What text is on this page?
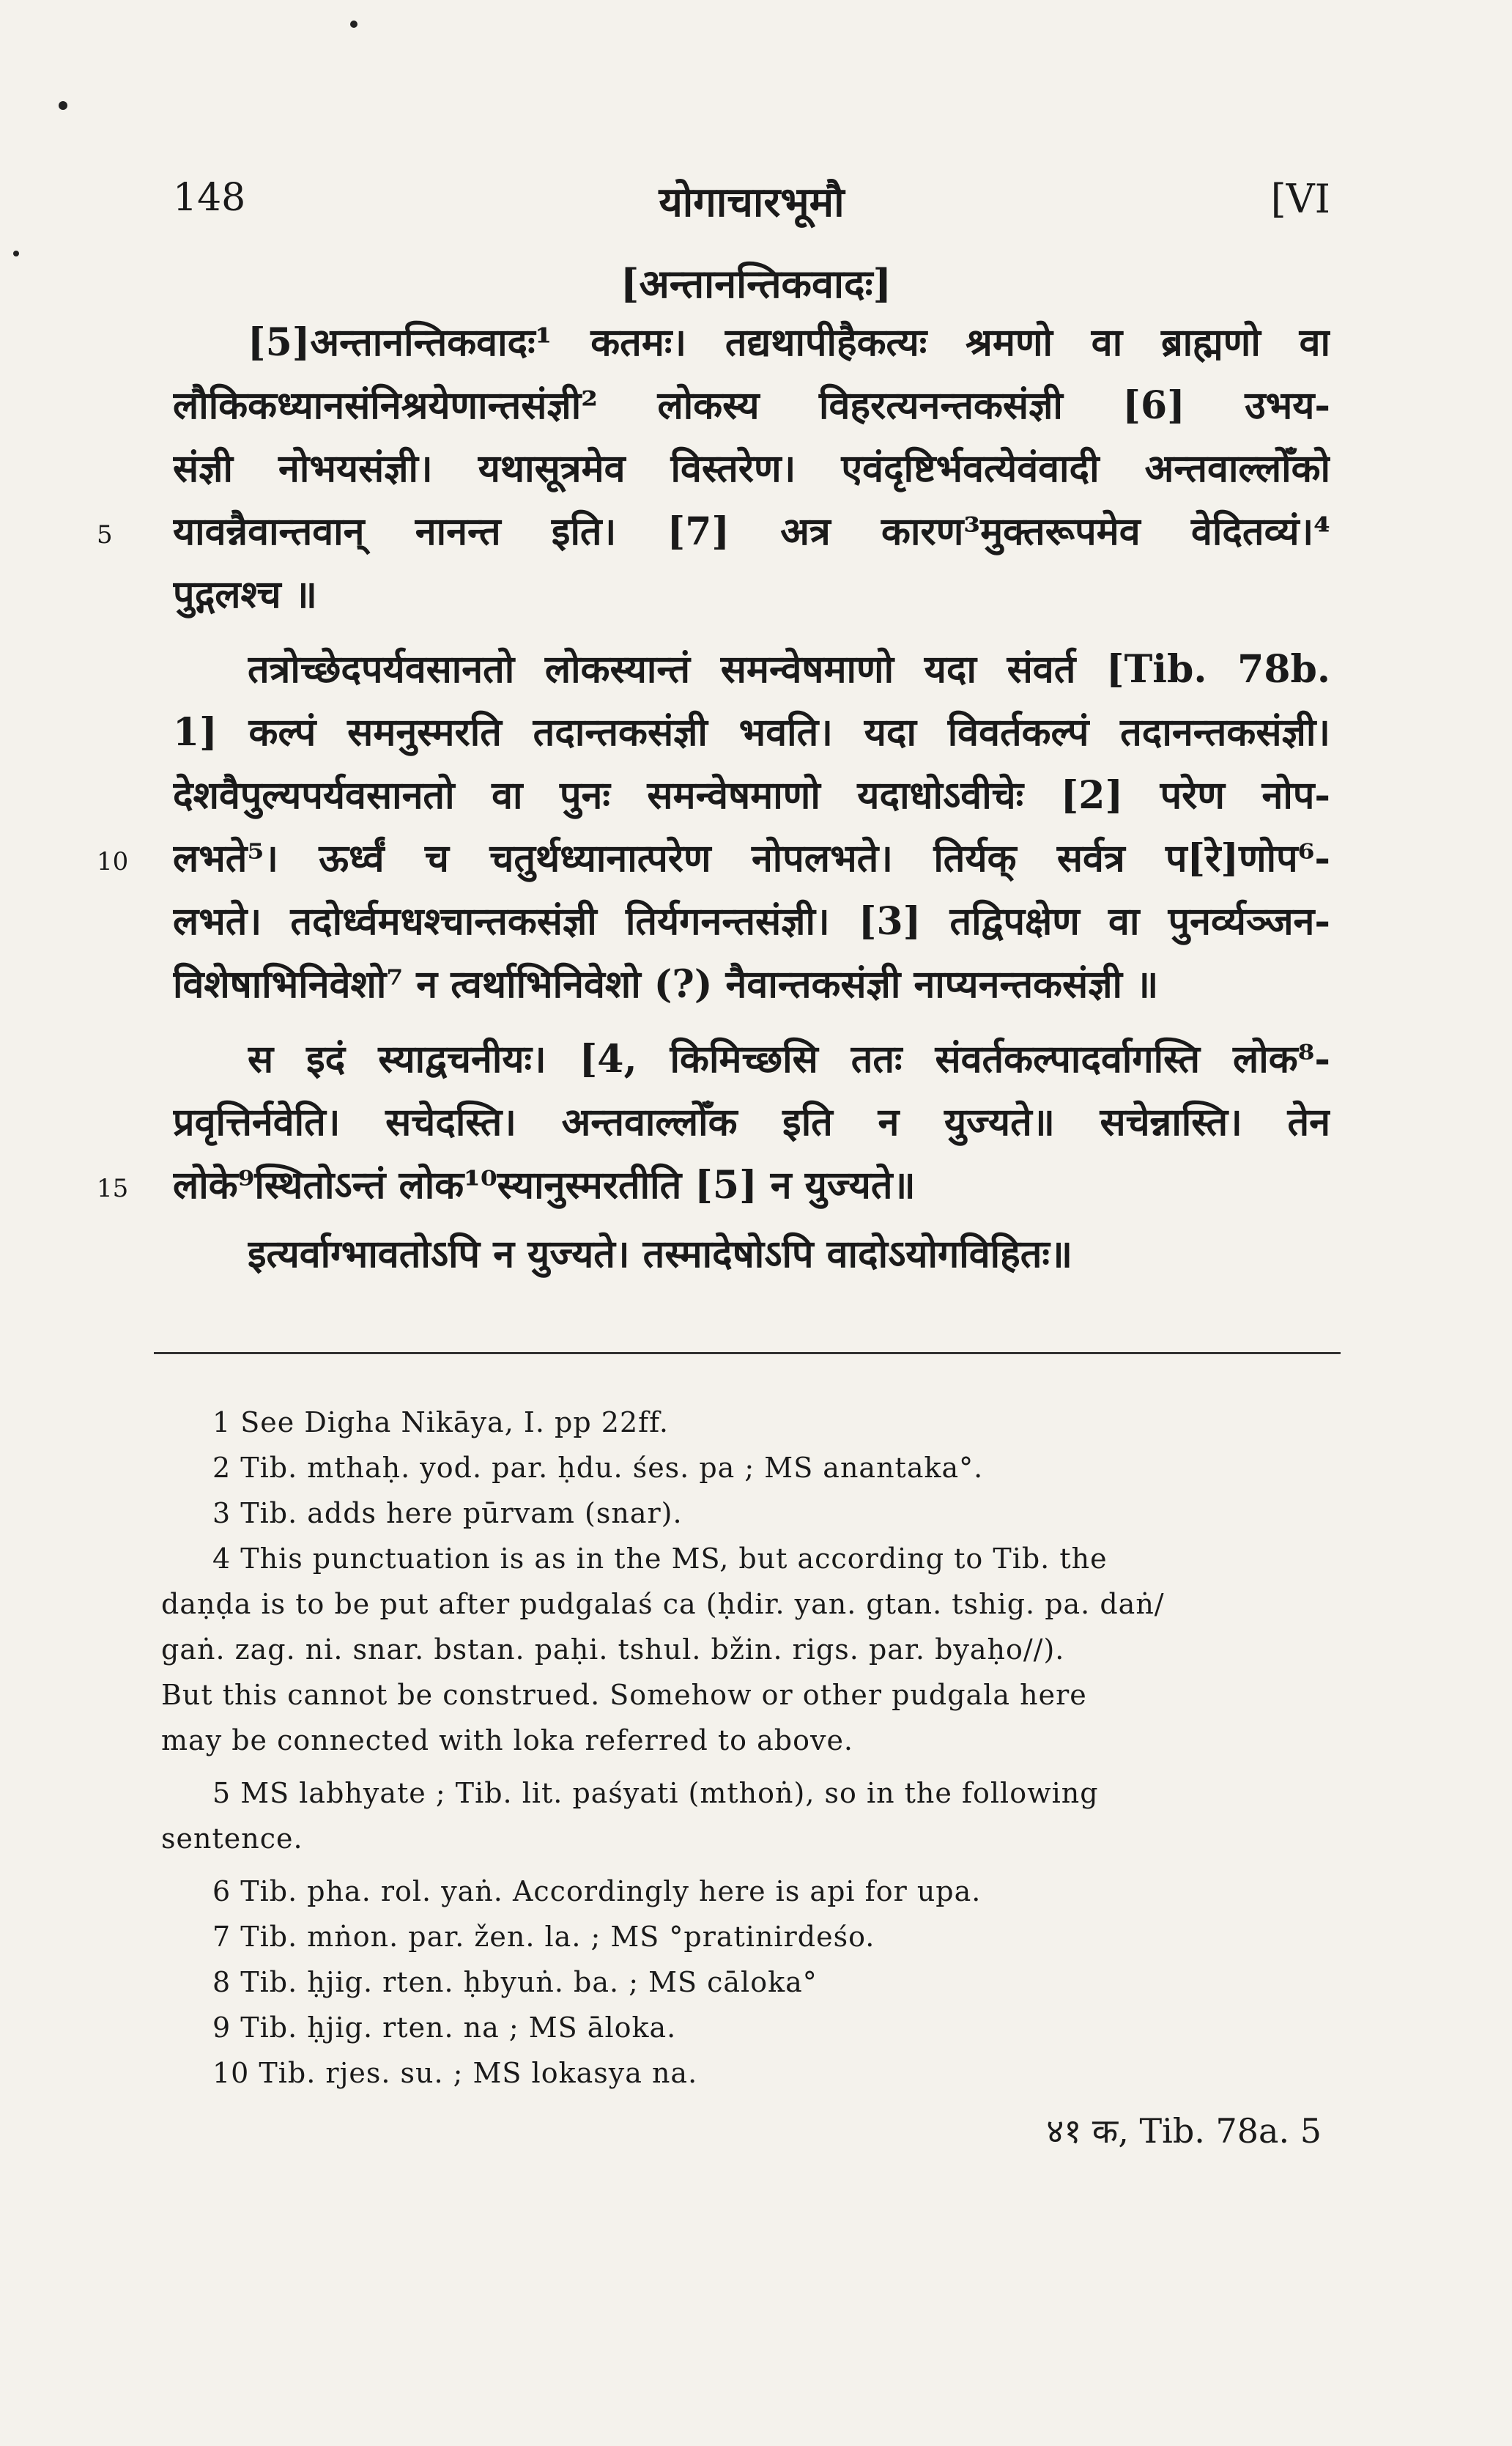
148	योगाचारभूमौ	[VI
[अन्तानन्तिकवादः]
[5]अन्तानन्तिकवादः¹ कतमः। तद्यथापीहैकत्यः श्रमणो वा ब्राह्मणो वा
लौकिकध्यानसंनिश्रयेणान्तसंज्ञी² लोकस्य विहरत्यनन्तकसंज्ञी [6] उभय-
संज्ञी नोभयसंज्ञी। यथासूत्रमेव विस्तरेण। एवंदृष्टिर्भवत्येवंवादी अन्तवाल्लोँको
यावन्नैवान्तवान् नानन्त इति। [7] अत्र कारण³मुक्तरूपमेव वेदितव्यं।⁴
पुद्गलश्च ॥
तत्रोच्छेदपर्यवसानतो लोकस्यान्तं समन्वेषमाणो यदा संवर्त [Tib. 78b.
1] कल्पं समनुस्मरति तदान्तकसंज्ञी भवति। यदा विवर्तकल्पं तदानन्तकसंज्ञी।
देशवैपुल्यपर्यवसानतो वा पुनः समन्वेषमाणो यदाधोऽवीचेः [2] परेण नोप-
लभते⁵। ऊर्ध्वं च चतुर्थध्यानात्परेण नोपलभते। तिर्यक् सर्वत्र प[रे]णोप⁶-
लभते। तदोर्ध्वमधश्चान्तकसंज्ञी तिर्यगनन्तसंज्ञी। [3] तद्विपक्षेण वा पुनर्व्यञ्जन-
विशेषाभिनिवेशो⁷ न त्वर्थाभिनिवेशो (?) नैवान्तकसंज्ञी नाप्यनन्तकसंज्ञी ॥
स इदं स्याद्वचनीयः। [4, किमिच्छसि ततः संवर्तकल्पादर्वागस्ति लोक⁸-
प्रवृत्तिर्नवेति। सचेदस्ति। अन्तवाल्लोँक इति न युज्यते॥ सचेन्नास्ति। तेन
लोके⁹स्थितोऽन्तं लोक¹⁰स्यानुस्मरतीति [5] न युज्यते॥
इत्यर्वाग्भावतोऽपि न युज्यते। तस्मादेषोऽपि वादोऽयोगविहितः॥
5
10
15
1 See Digha Nikāya, I. pp 22ff.
2 Tib. mthaḥ. yod. par. ḥdu. śes. pa ; MS anantaka°.
3 Tib. adds here pūrvam (snar).
4 This punctuation is as in the MS, but according to Tib. the
daṇḍa is to be put after pudgalaś ca (ḥdir. yan. gtan. tshig. pa. daṅ/
gaṅ. zag. ni. snar. bstan. paḥi. tshul. bžin. rigs. par. byaḥo//).
But this cannot be construed. Somehow or other pudgala here
may be connected with loka referred to above.
5 MS labhyate ; Tib. lit. paśyati (mthoṅ), so in the following
sentence.
6 Tib. pha. rol. yaṅ. Accordingly here is api for upa.
7 Tib. mṅon. par. žen. la. ; MS °pratinirdeśo.
8 Tib. ḥjig. rten. ḥbyuṅ. ba. ; MS cāloka°
9 Tib. ḥjig. rten. na ; MS āloka.
10 Tib. rjes. su. ; MS lokasya na.
४१ क, Tib. 78a. 5
